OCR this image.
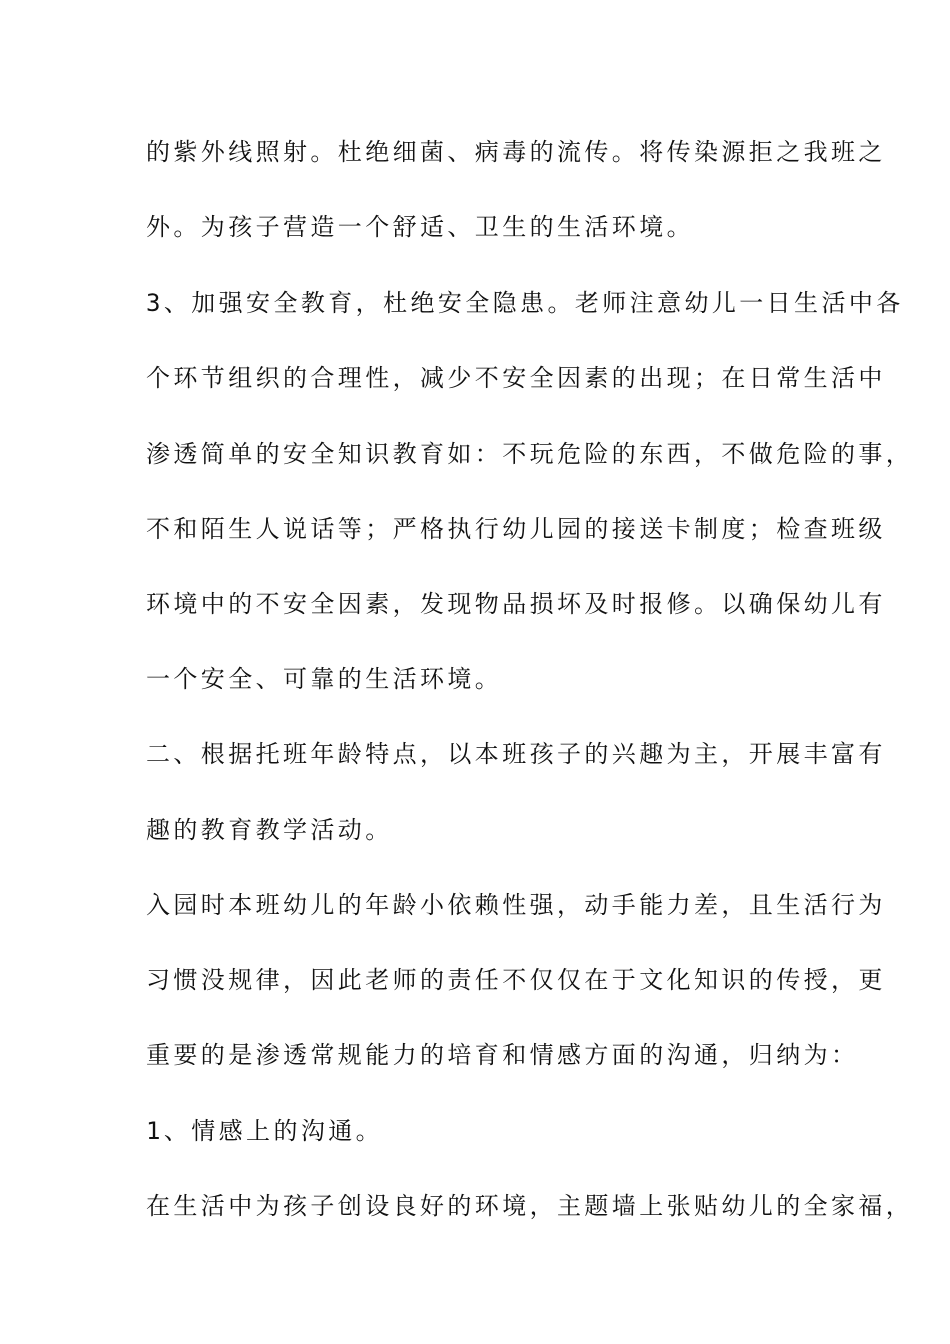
的紫外线照射。杜绝细菌、病毒的流传。将传染源拒之我班之
外。为孩子营造一个舒适、卫生的生活环境。
3、加强安全教育，杜绝安全隐患。老师注意幼儿一日生活中各
个环节组织的合理性，减少不安全因素的出现；在日常生活中
渗透简单的安全知识教育如：不玩危险的东西，不做危险的事，
不和陌生人说话等；严格执行幼儿园的接送卡制度；检查班级
环境中的不安全因素，发现物品损坏及时报修。以确保幼儿有
一个安全、可靠的生活环境。
二、根据托班年龄特点，以本班孩子的兴趣为主，开展丰富有
趣的教育教学活动。
入园时本班幼儿的年龄小依赖性强，动手能力差，且生活行为
习惯没规律，因此老师的责任不仅仅在于文化知识的传授，更
重要的是渗透常规能力的培育和情感方面的沟通，归纳为：
1、情感上的沟通。
在生活中为孩子创设良好的环境，主题墙上张贴幼儿的全家福，
